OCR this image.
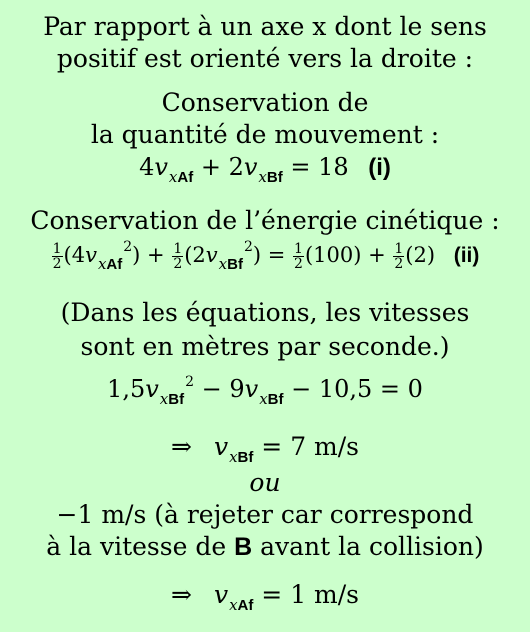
Par rapport à un axe x dont le sens
positif est orienté vers la droite :
Conservation de
la quantité de mouvement :
$4v_{xAf} + 2v_{xBf} = 18$ (i)
Conservation de l’énergie cinétique :
$\frac{1}{2} (4v_{xAf}^2) + \frac{1}{2} (2v_{xBf}^2) = \frac{1}{2} (100) + \frac{1}{2} (2)$ (ii)
(Dans les équations, les vitesses
sont en mètres par seconde.)
$1,5v_{xBf}^2 - 9v_{xBf} - 10,5 = 0$
⇒ $v_{xBf} = 7$ m/s
ou
−1 m/s (à rejeter car correspond
à la vitesse de B avant la collision)
⇒ $v_{xAf} = 1$ m/s
